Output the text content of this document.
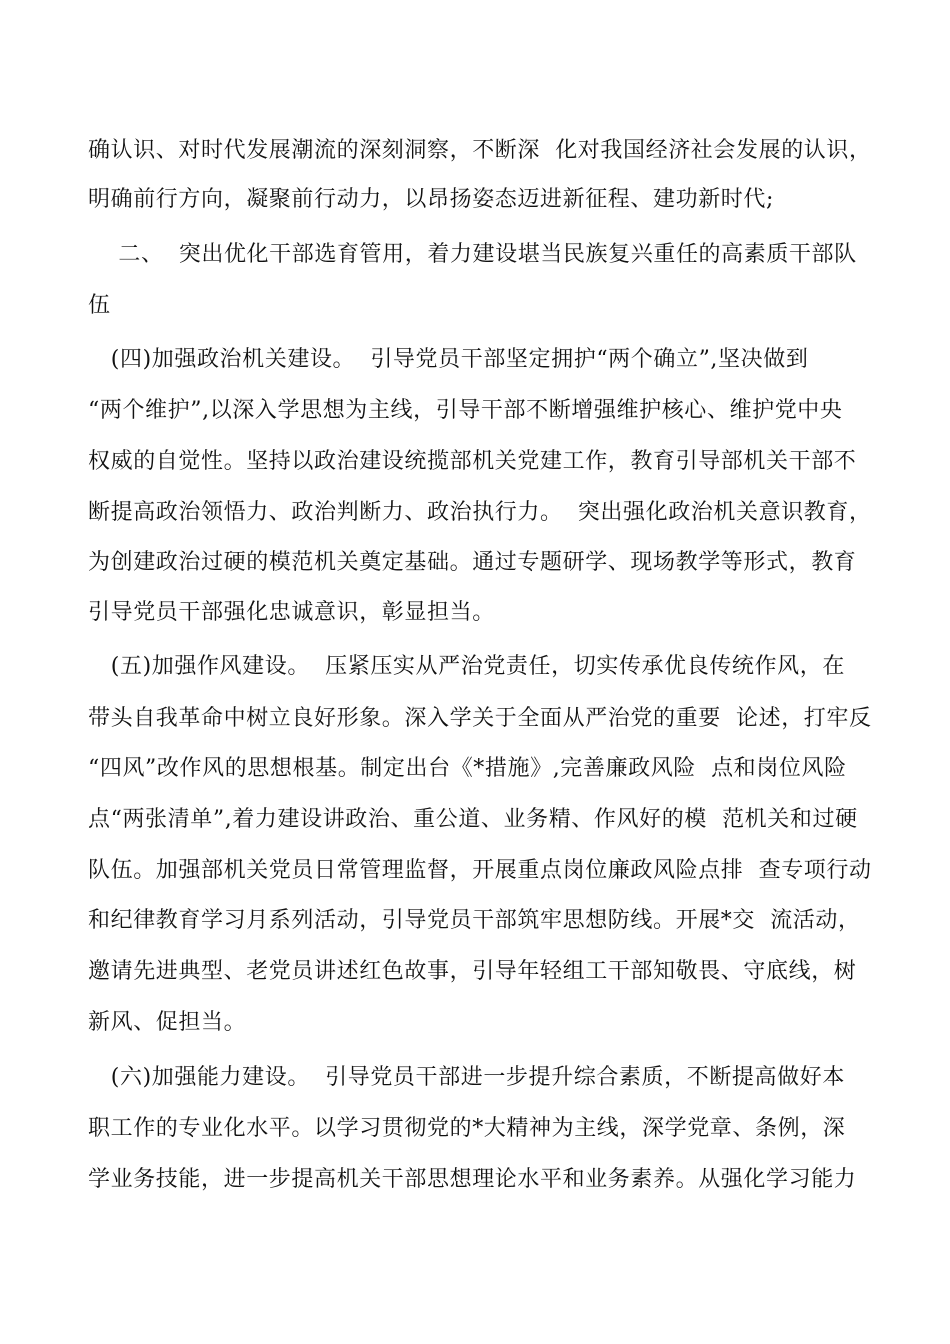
确认识、对时代发展潮流的深刻洞察，不断深  化对我国经济社会发展的认识，
明确前行方向，凝聚前行动力，以昂扬姿态迈进新征程、建功新时代;
二、  突出优化干部选育管用，着力建设堪当民族复兴重任的高素质干部队
伍
(四)加强政治机关建设。  引导党员干部坚定拥护“两个确立”,坚决做到
“两个维护”,以深入学思想为主线，引导干部不断增强维护核心、维护党中央
权威的自觉性。坚持以政治建设统揽部机关党建工作，教育引导部机关干部不
断提高政治领悟力、政治判断力、政治执行力。  突出强化政治机关意识教育，
为创建政治过硬的模范机关奠定基础。通过专题研学、现场教学等形式，教育
引导党员干部强化忠诚意识，彰显担当。
(五)加强作风建设。  压紧压实从严治党责任，切实传承优良传统作风，在
带头自我革命中树立良好形象。深入学关于全面从严治党的重要  论述，打牢反
“四风”改作风的思想根基。制定出台《*措施》,完善廉政风险  点和岗位风险
点“两张清单”,着力建设讲政治、重公道、业务精、作风好的模  范机关和过硬
队伍。加强部机关党员日常管理监督，开展重点岗位廉政风险点排  查专项行动
和纪律教育学习月系列活动，引导党员干部筑牢思想防线。开展*交  流活动，
邀请先进典型、老党员讲述红色故事，引导年轻组工干部知敬畏、守底线，树
新风、促担当。
(六)加强能力建设。  引导党员干部进一步提升综合素质，不断提高做好本
职工作的专业化水平。以学习贯彻党的*大精神为主线，深学党章、条例，深
学业务技能，进一步提高机关干部思想理论水平和业务素养。从强化学习能力
